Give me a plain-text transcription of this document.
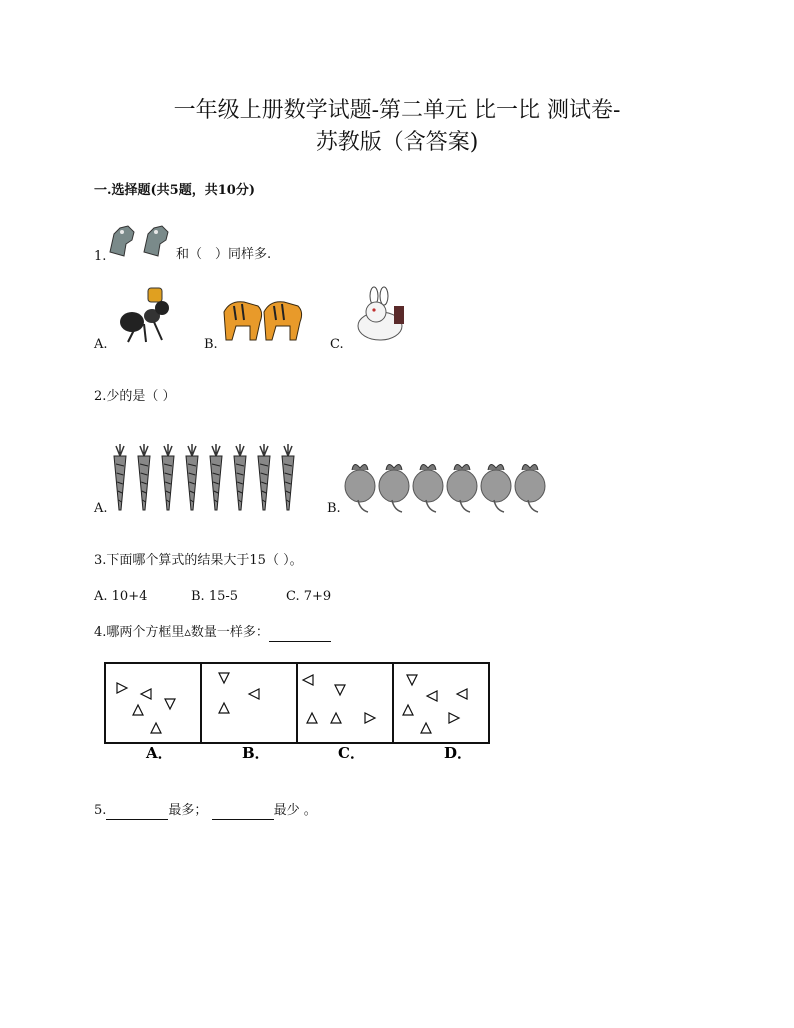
一年级上册数学试题-第二单元 比一比 测试卷-
苏教版（含答案)
一.选择题(共5题，共10分)
1.	和（　）同样多.
A.	B.	C.
2.少的是（ ）
A.	B.
3.下面哪个算式的结果大于15（ ）。
A. 10+4	B. 15-5	C. 7+9
4.哪两个方框里▵数量一样多：
A．	B．	C．	D．
5.	最多；	最少 。
